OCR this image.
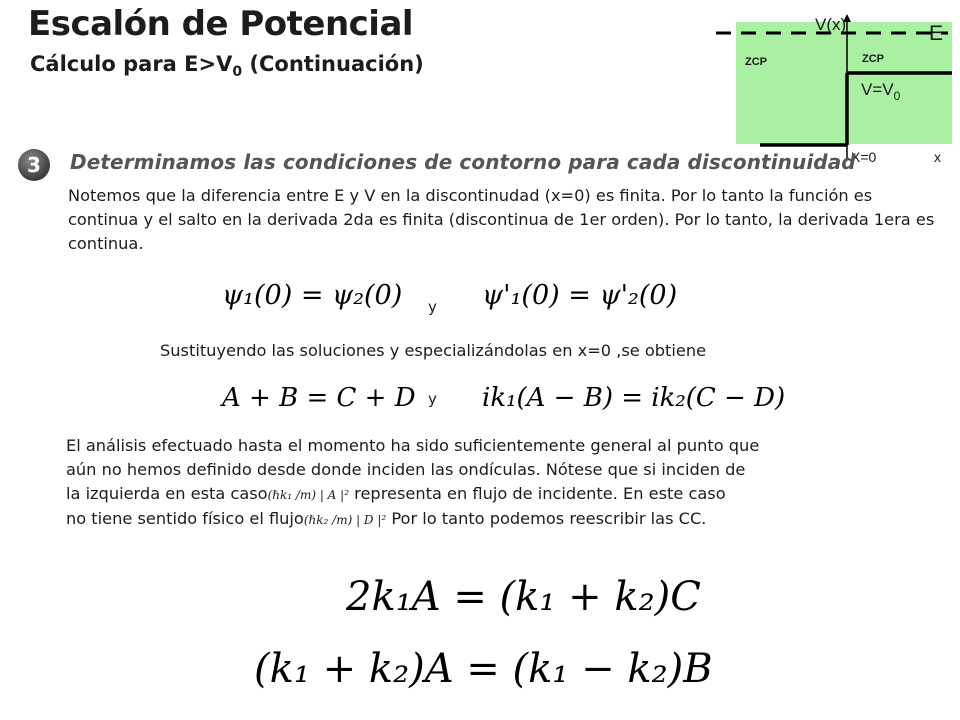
Escalón de Potencial
Cálculo para $E>V_0$ (Continuación)
V(x)	E
ZCP	ZCP
$V=V_0$
X=0	x
3	Determinamos las condiciones de contorno para cada discontinuidad
Notemos que la diferencia entre E y V en la discontinudad (x=0) es finita. Por lo tanto la función es continua y el salto en la derivada 2da es finita (discontinua de 1er orden). Por lo tanto, la derivada 1era es continua.
ψ₁(0) = ψ₂(0) y ψ'₁(0) = ψ'₂(0)
Sustituyendo las soluciones y especializándolas en x=0 ,se obtiene
A + B = C + D y ik₁(A − B) = ik₂(C − D)
El análisis efectuado hasta el momento ha sido suficientemente general al punto que
aún no hemos definido desde donde inciden las ondículas. Nótese que si inciden de
la izquierda en esta caso(ℏk₁ /m) | A |² representa en flujo de incidente. En este caso
no tiene sentido físico el flujo(ℏk₂ /m) | D |² Por lo tanto podemos reescribir las CC.
2k₁A = (k₁ + k₂)C
(k₁ + k₂)A = (k₁ − k₂)B
